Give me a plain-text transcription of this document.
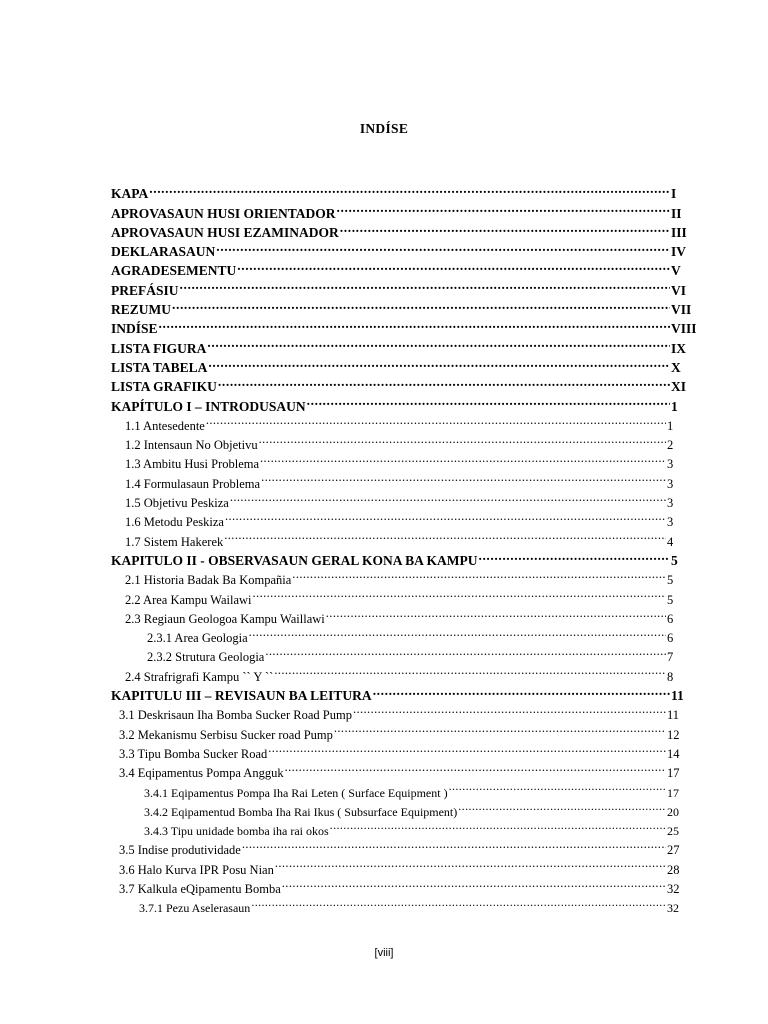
INDÍSE
KAPA .....	I
APROVASAUN HUSI ORIENTADOR .....	II
APROVASAUN HUSI EZAMINADOR .....	III
DEKLARASAUN .....	IV
AGRADESEMENTU .....	V
PREFÁSIU .....	VI
REZUMU .....	VII
INDÍSE .....	VIII
LISTA FIGURA .....	IX
LISTA TABELA .....	X
LISTA GRAFIKU .....	XI
KAPÍTULO I – INTRODUSAUN .....	1
1.1 Antesedente .....	1
1.2 Intensaun No Objetivu .....	2
1.3 Ambitu Husi Problema .....	3
1.4 Formulasaun Problema .....	3
1.5 Objetivu Peskiza .....	3
1.6 Metodu Peskiza .....	3
1.7 Sistem Hakerek .....	4
KAPITULO II - OBSERVASAUN GERAL KONA BA KAMPU .....	5
2.1 Historia Badak Ba Kompañia .....	5
2.2 Area Kampu Wailawi .....	5
2.3 Regiaun Geologoa Kampu Waillawi .....	6
2.3.1 Area Geologia .....	6
2.3.2 Strutura Geologia .....	7
2.4 Strafrigrafi Kampu `` Y `` .....	8
KAPITULU III – REVISAUN BA LEITURA .....	11
3.1 Deskrisaun Iha Bomba Sucker Road Pump .....	11
3.2 Mekanismu Serbisu Sucker road Pump .....	12
3.3 Tipu Bomba Sucker Road .....	14
3.4 Eqipamentus Pompa Angguk .....	17
3.4.1 Eqipamentus Pompa Iha Rai Leten ( Surface Equipment ) .....	17
3.4.2 Eqipamentud Bomba Iha Rai Ikus ( Subsurface Equipment) .....	20
3.4.3 Tipu unidade bomba iha rai okos .....	25
3.5 Indise produtividade .....	27
3.6 Halo Kurva IPR Posu Nian .....	28
3.7 Kalkula eQipamentu Bomba .....	32
3.7.1 Pezu Aselerasaun .....	32
[viii]
